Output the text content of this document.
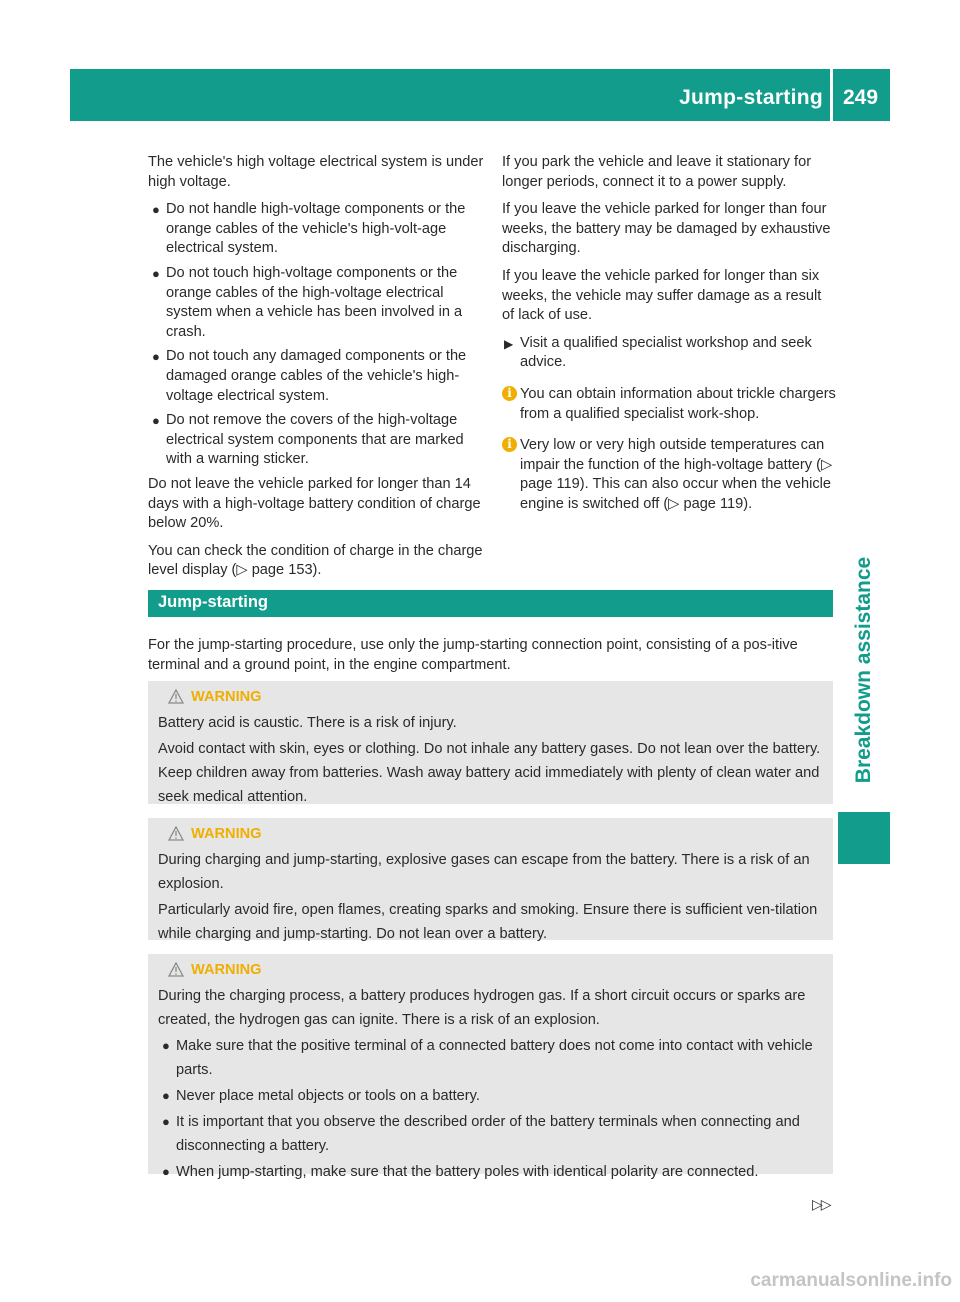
Jump-starting 249
Breakdown assistance

The vehicle's high voltage electrical system is under high voltage.

● Do not handle high-voltage components or the orange cables of the vehicle's high-volt-age electrical system.
● Do not touch high-voltage components or the orange cables of the high-voltage electrical system when a vehicle has been involved in a crash.
● Do not touch any damaged components or the damaged orange cables of the vehicle's high-voltage electrical system.
● Do not remove the covers of the high-voltage electrical system components that are marked with a warning sticker.

Do not leave the vehicle parked for longer than 14 days with a high-voltage battery condition of charge below 20%.

You can check the condition of charge in the charge level display (▷ page 153).

If you park the vehicle and leave it stationary for longer periods, connect it to a power supply.

If you leave the vehicle parked for longer than four weeks, the battery may be damaged by exhaustive discharging.

If you leave the vehicle parked for longer than six weeks, the vehicle may suffer damage as a result of lack of use.

▶ Visit a qualified specialist workshop and seek advice.
i You can obtain information about trickle chargers from a qualified specialist work-shop.
i Very low or very high outside temperatures can impair the function of the high-voltage battery (▷ page 119). This can also occur when the vehicle engine is switched off (▷ page 119).
Jump-starting
For the jump-starting procedure, use only the jump-starting connection point, consisting of a pos-itive terminal and a ground point, in the engine compartment.
WARNING

Battery acid is caustic. There is a risk of injury.

Avoid contact with skin, eyes or clothing. Do not inhale any battery gases. Do not lean over the battery. Keep children away from batteries. Wash away battery acid immediately with plenty of clean water and seek medical attention.

WARNING

During charging and jump-starting, explosive gases can escape from the battery. There is a risk of an explosion.

Particularly avoid fire, open flames, creating sparks and smoking. Ensure there is sufficient ven-tilation while charging and jump-starting. Do not lean over a battery.

WARNING

During the charging process, a battery produces hydrogen gas. If a short circuit occurs or sparks are created, the hydrogen gas can ignite. There is a risk of an explosion.

● Make sure that the positive terminal of a connected battery does not come into contact with vehicle parts.
● Never place metal objects or tools on a battery.
● It is important that you observe the described order of the battery terminals when connecting and disconnecting a battery.
● When jump-starting, make sure that the battery poles with identical polarity are connected.
▷▷
carmanualsonline.info
